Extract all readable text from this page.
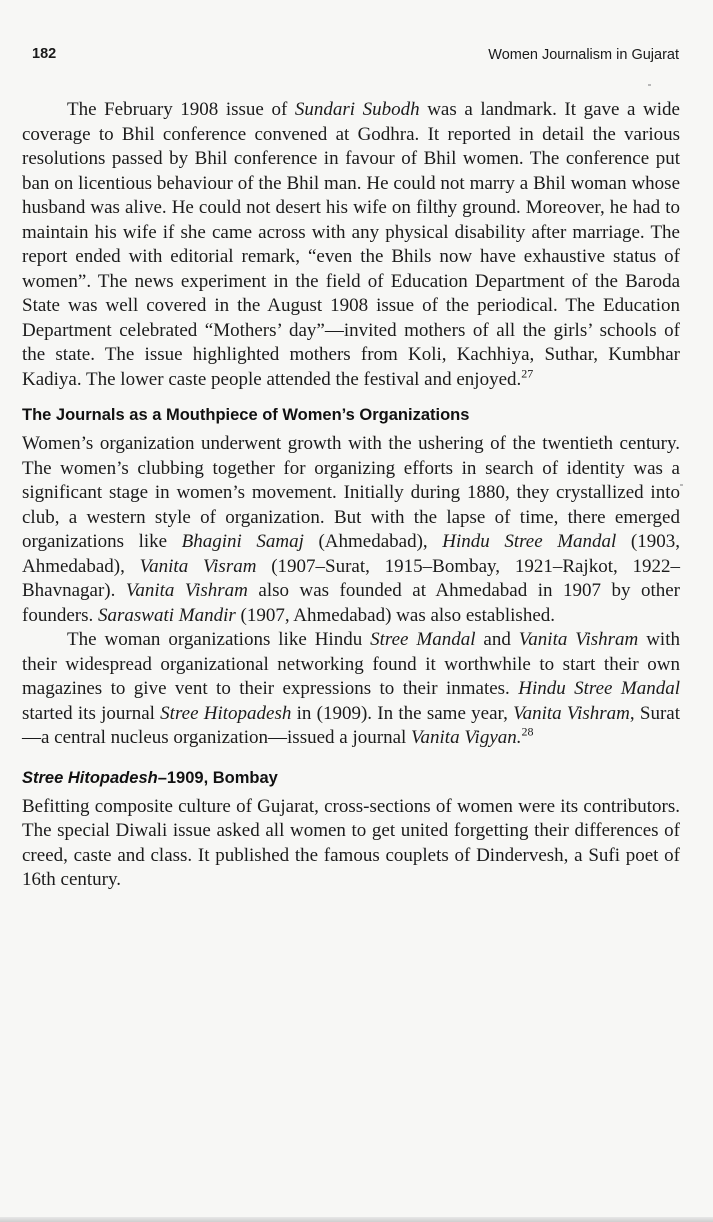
182	Women Journalism in Gujarat

The February 1908 issue of Sundari Subodh was a landmark. It gave a wide coverage to Bhil conference convened at Godhra. It reported in detail the various resolutions passed by Bhil conference in favour of Bhil women. The conference put ban on licentious behaviour of the Bhil man. He could not marry a Bhil woman whose husband was alive. He could not desert his wife on filthy ground. Moreover, he had to maintain his wife if she came across with any physical disability after marriage. The report ended with editorial remark, “even the Bhils now have exhaustive status of women”. The news experiment in the field of Education Department of the Baroda State was well covered in the August 1908 issue of the periodical. The Education Department celebrated “Mothers’ day”—invited mothers of all the girls’ schools of the state. The issue highlighted mothers from Koli, Kachhiya, Suthar, Kumbhar Kadiya. The lower caste people attended the festival and enjoyed.$^{27}$

The Journals as a Mouthpiece of Women’s Organizations

Women’s organization underwent growth with the ushering of the twentieth century. The women’s clubbing together for organizing efforts in search of identity was a significant stage in women’s movement. Initially during 1880, they crystallized into club, a western style of organization. But with the lapse of time, there emerged organizations like Bhagini Samaj (Ahmedabad), Hindu Stree Mandal (1903, Ahmedabad), Vanita Visram (1907–Surat, 1915–Bombay, 1921–Rajkot, 1922–Bhavnagar). Vanita Vishram also was founded at Ahmedabad in 1907 by other founders. Saraswati Mandir (1907, Ahmedabad) was also established.

The woman organizations like Hindu Stree Mandal and Vanita Vishram with their widespread organizational networking found it worthwhile to start their own magazines to give vent to their expressions to their inmates. Hindu Stree Mandal started its journal Stree Hitopadesh in (1909). In the same year, Vanita Vishram, Surat—a central nucleus organization—issued a journal Vanita Vigyan.$^{28}$

Stree Hitopadesh–1909, Bombay

Befitting composite culture of Gujarat, cross-sections of women were its contributors. The special Diwali issue asked all women to get united forgetting their differences of creed, caste and class. It published the famous couplets of Dindervesh, a Sufi poet of 16th century.
